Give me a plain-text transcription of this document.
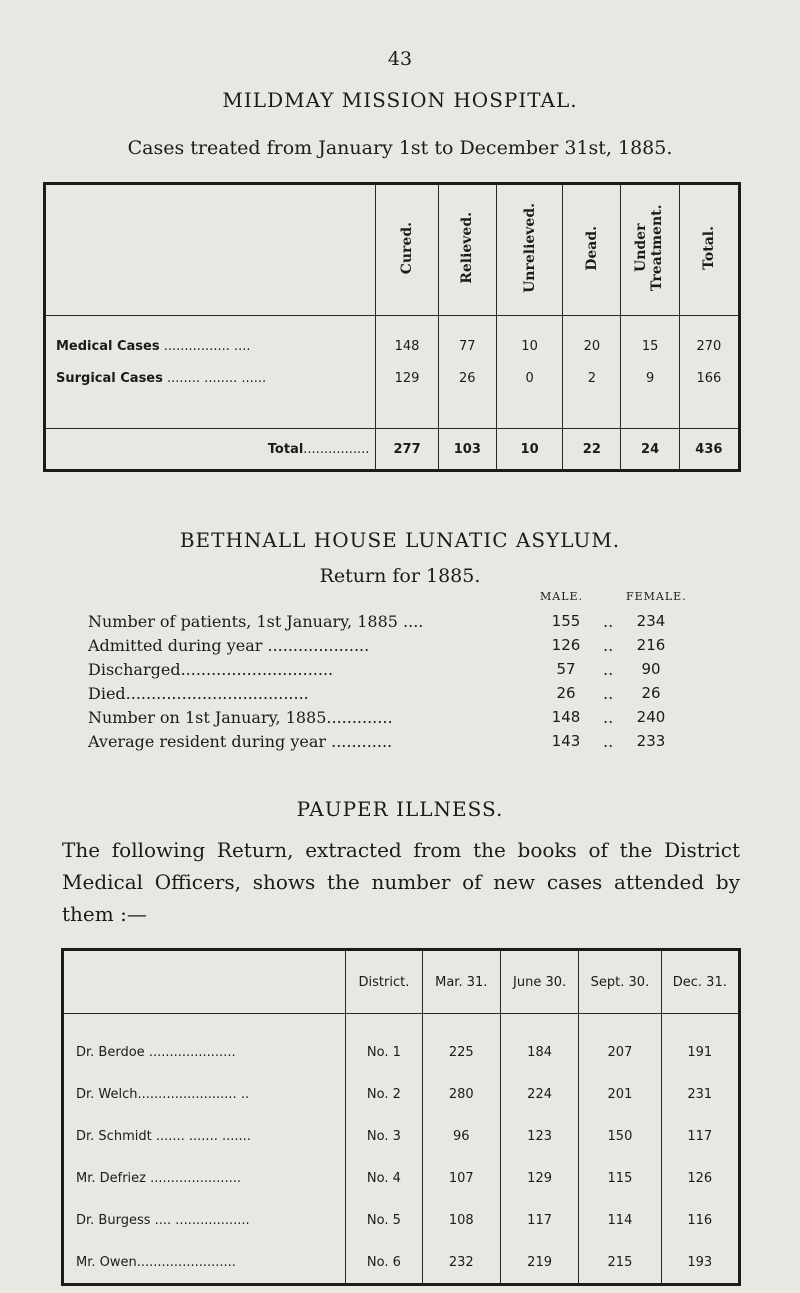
43
MILDMAY MISSION HOSPITAL.
Cases treated from January 1st to December 31st, 1885.
	Cured.	Relieved.	Unrelieved.	Dead.	Under Treatment.	Total.
Medical Cases ................ ....	148	77	10	20	15	270
Surgical Cases ........ ........ ......	129	26	0	2	9	166

Total................	277	103	10	22	24	436
BETHNALL HOUSE LUNATIC ASYLUM.
Return for 1885.
MALE.	FEMALE.
Number of patients, 1st January, 1885 ....	155	..	234
Admitted during year ....................	126	..	216
Discharged..............................	57	..	90
Died....................................	26	..	26
Number on 1st January, 1885.............	148	..	240
Average resident during year ............	143	..	233
PAUPER ILLNESS.
The following Return, extracted from the books of the District Medical Officers, shows the number of new cases attended by them :—
	District.	Mar. 31.	June 30.	Sept. 30.	Dec. 31.
Dr. Berdoe .....................	No. 1	225	184	207	191
Dr. Welch........................ ..	No. 2	280	224	201	231
Dr. Schmidt ....... ....... .......	No. 3	96	123	150	117
Mr. Defriez ......................	No. 4	107	129	115	126
Dr. Burgess .... ..................	No. 5	108	117	114	116
Mr. Owen........................	No. 6	232	219	215	193
